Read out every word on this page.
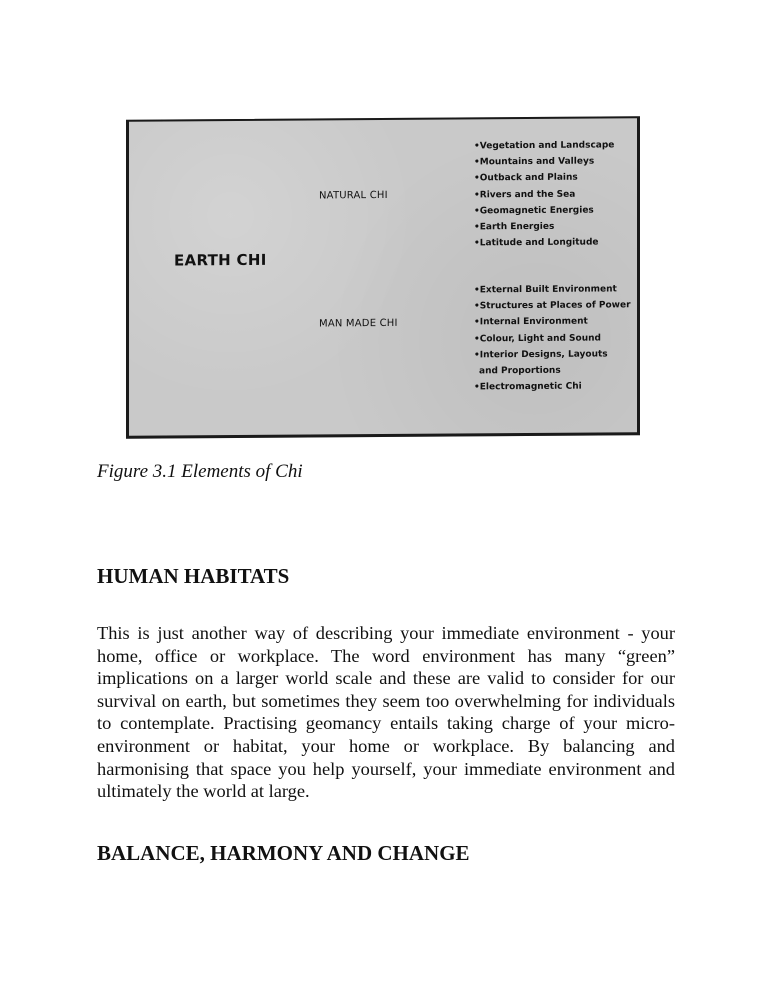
EARTH CHI
NATURAL CHI
• Vegetation and Landscape
• Mountains and Valleys
• Outback and Plains
• Rivers and the Sea
• Geomagnetic Energies
• Earth Energies
• Latitude and Longitude
MAN MADE CHI
• External Built Environment
• Structures at Places of Power
• Internal Environment
• Colour, Light and Sound
• Interior Designs, Layouts
and Proportions
• Electromagnetic Chi
Figure 3.1 Elements of Chi
HUMAN HABITATS

This is just another way of describing your immediate environment - your home, office or workplace. The word environment has many “green” implications on a larger world scale and these are valid to consider for our survival on earth, but sometimes they seem too overwhelming for individuals to contemplate. Practising geomancy entails taking charge of your micro-environment or habitat, your home or workplace. By balancing and harmonising that space you help yourself, your immediate environment and ultimately the world at large.

BALANCE, HARMONY AND CHANGE
